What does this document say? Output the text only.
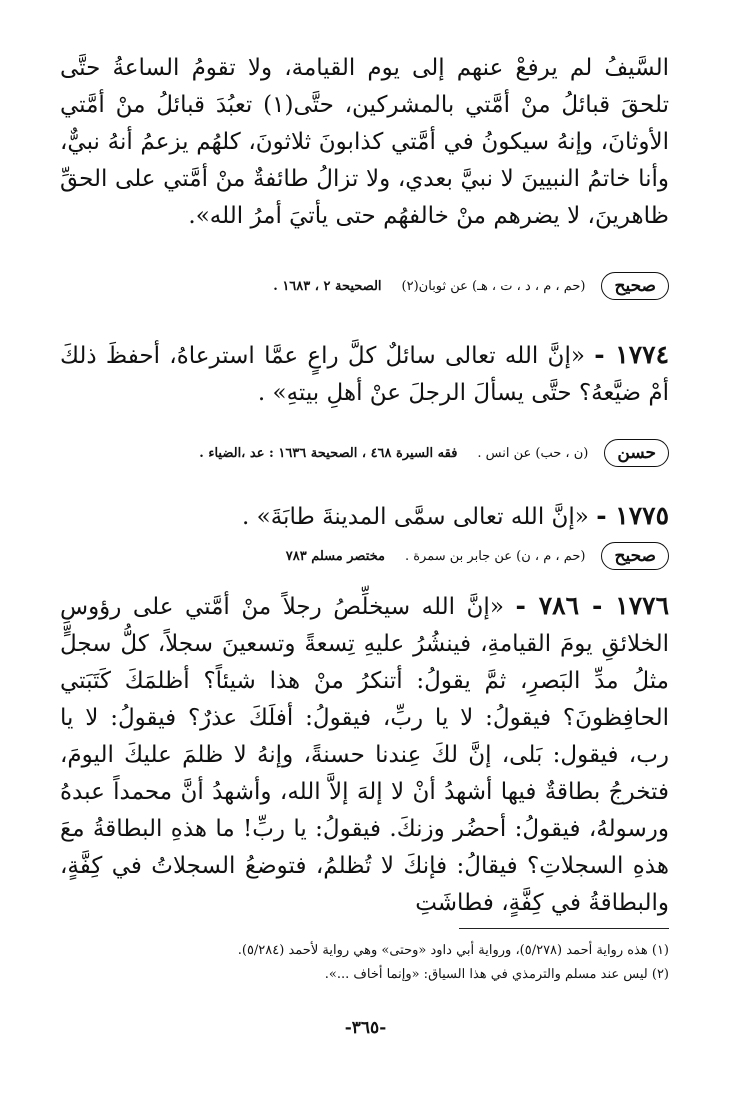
السَّيفُ لم يرفعْ عنهم إلى يوم القيامة، ولا تقومُ الساعةُ حتَّى تلحقَ قبائلُ منْ أمَّتي بالمشركين، حتَّى(١) تعبُدَ قبائلُ منْ أمَّتي الأوثانَ، وإنهُ سيكونُ في أمَّتي كذابونَ ثلاثونَ، كلهُم يزعمُ أنهُ نبيٌّ، وأنا خاتمُ النبيينَ لا نبيَّ بعدي، ولا تزالُ طائفةٌ منْ أمَّتي على الحقِّ ظاهرينَ، لا يضرهم منْ خالفهُم حتى يأتيَ أمرُ الله».
صحيح
(حم ، م ، د ، ت ، هـ) عن ثوبان(٢)
الصحيحة ٢ ، ١٦٨٣ .
١٧٧٤ - «إنَّ الله تعالى سائلٌ كلَّ راعٍ عمَّا استرعاهُ، أحفظَ ذلكَ أمْ ضيَّعهُ؟ حتَّى يسألَ الرجلَ عنْ أهلِ بيتهِ» .
حسن
(ن ، حب) عن انس .
فقه السيرة ٤٦٨ ، الصحيحة ١٦٣٦ : عد ،الضياء .
١٧٧٥ - «إنَّ الله تعالى سمَّى المدينةَ طابَةَ» .
صحيح
(حم ، م ، ن) عن جابر بن سمرة .
مختصر مسلم ٧٨٣
١٧٧٦ - ٧٨٦ - «إنَّ الله سيخلِّصُ رجلاً منْ أمَّتي على رؤوسِ الخلائقِ يومَ القيامةِ، فينشُرُ عليهِ تِسعةً وتسعينَ سجلاً، كلُّ سجلٍّ مثلُ مدِّ البَصرِ، ثمَّ يقولُ: أتنكرُ منْ هذا شيئاً؟ أظلمَكَ كَتَبَتي الحافِظونَ؟ فيقولُ: لا يا ربِّ، فيقولُ: أفلَكَ عذرٌ؟ فيقولُ: لا يا رب، فيقول: بَلى، إنَّ لكَ عِندنا حسنةً، وإنهُ لا ظلمَ عليكَ اليومَ، فتخرجُ بطاقةٌ فيها أشهدُ أنْ لا إلهَ إلاَّ الله، وأشهدُ أنَّ محمداً عبدهُ ورسولهُ، فيقولُ: أحضُر وزنكَ. فيقولُ: يا ربِّ! ما هذهِ البطاقةُ معَ هذهِ السجلاتِ؟ فيقالُ: فإنكَ لا تُظلمُ، فتوضعُ السجلاتُ في كِفَّةٍ، والبطاقةُ في كِفَّةٍ، فطاشَتِ
(١) هذه رواية أحمد (٥/٢٧٨)، ورواية أبي داود «وحتى» وهي رواية لأحمد (٥/٢٨٤).
(٢) ليس عند مسلم والترمذي في هذا السياق: «وإنما أخاف ...».
-٣٦٥-
